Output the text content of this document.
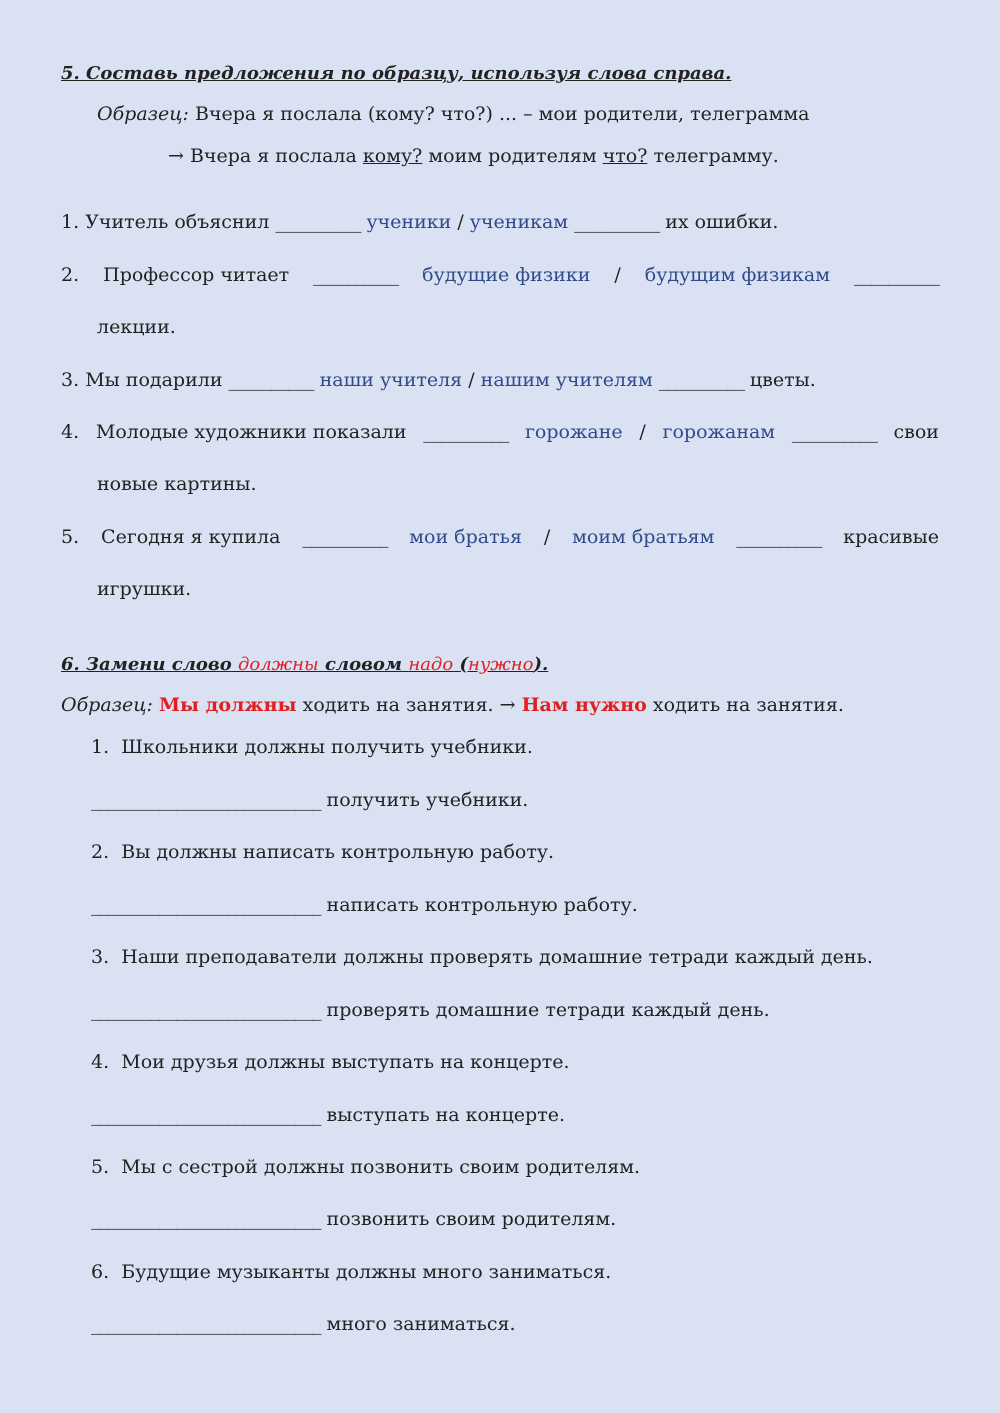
5. Составь предложения по образцу, используя слова справа.
Образец: Вчера я послала (кому? что?) ... – мои родители, телеграмма
→ Вчера я послала кому? моим родителям что? телеграмму.
1. Учитель объяснил __________ ученики / ученикам __________ их ошибки.
2. Профессор читает __________ будущие физики / будущим физикам __________
лекции.
3. Мы подарили __________ наши учителя / нашим учителям __________ цветы.
4. Молодые художники показали __________ горожане / горожанам __________ свои
новые картины.
5. Сегодня я купила __________ мои братья / моим братьям __________ красивые
игрушки.
6. Замени слово должны словом надо (нужно).
Образец: Мы должны ходить на занятия. → Нам нужно ходить на занятия.
1. Школьники должны получить учебники.
___________________________ получить учебники.
2. Вы должны написать контрольную работу.
___________________________ написать контрольную работу.
3. Наши преподаватели должны проверять домашние тетради каждый день.
___________________________ проверять домашние тетради каждый день.
4. Мои друзья должны выступать на концерте.
___________________________ выступать на концерте.
5. Мы с сестрой должны позвонить своим родителям.
___________________________ позвонить своим родителям.
6. Будущие музыканты должны много заниматься.
___________________________ много заниматься.
